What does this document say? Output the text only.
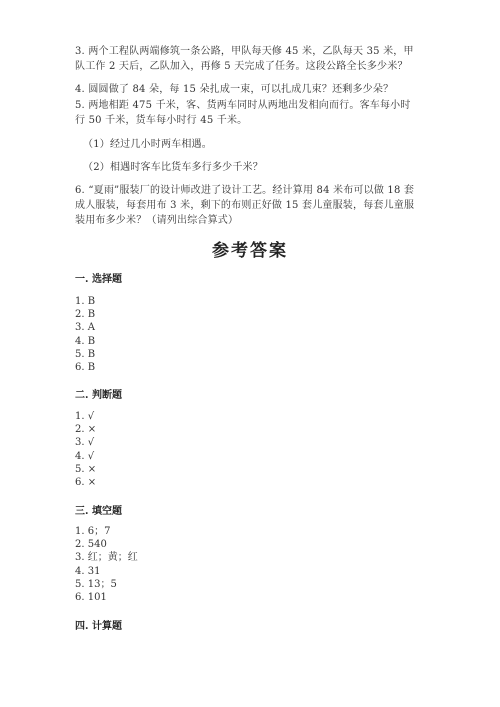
3. 两个工程队两端修筑一条公路，甲队每天修 45 米，乙队每天 35 米，甲队工作 2 天后，乙队加入，再修 5 天完成了任务。这段公路全长多少米？

4. 圆圆做了 84 朵，每 15 朵扎成一束，可以扎成几束？还剩多少朵？

5. 两地相距 475 千米，客、货两车同时从两地出发相向而行。客车每小时行 50 千米，货车每小时行 45 千米。

（1）经过几小时两车相遇。

（2）相遇时客车比货车多行多少千米？

6. “夏雨”服装厂的设计师改进了设计工艺。经计算用 84 米布可以做 18 套成人服装，每套用布 3 米，剩下的布则正好做 15 套儿童服装，每套儿童服装用布多少米？（请列出综合算式）

参考答案

一. 选择题

1. B
2. B
3. A
4. B
5. B
6. B

二. 判断题

1. √
2. ×
3. √
4. √
5. ×
6. ×

三. 填空题

1. 6；7
2. 540
3. 红；黄；红
4. 31
5. 13；5
6. 101

四. 计算题
